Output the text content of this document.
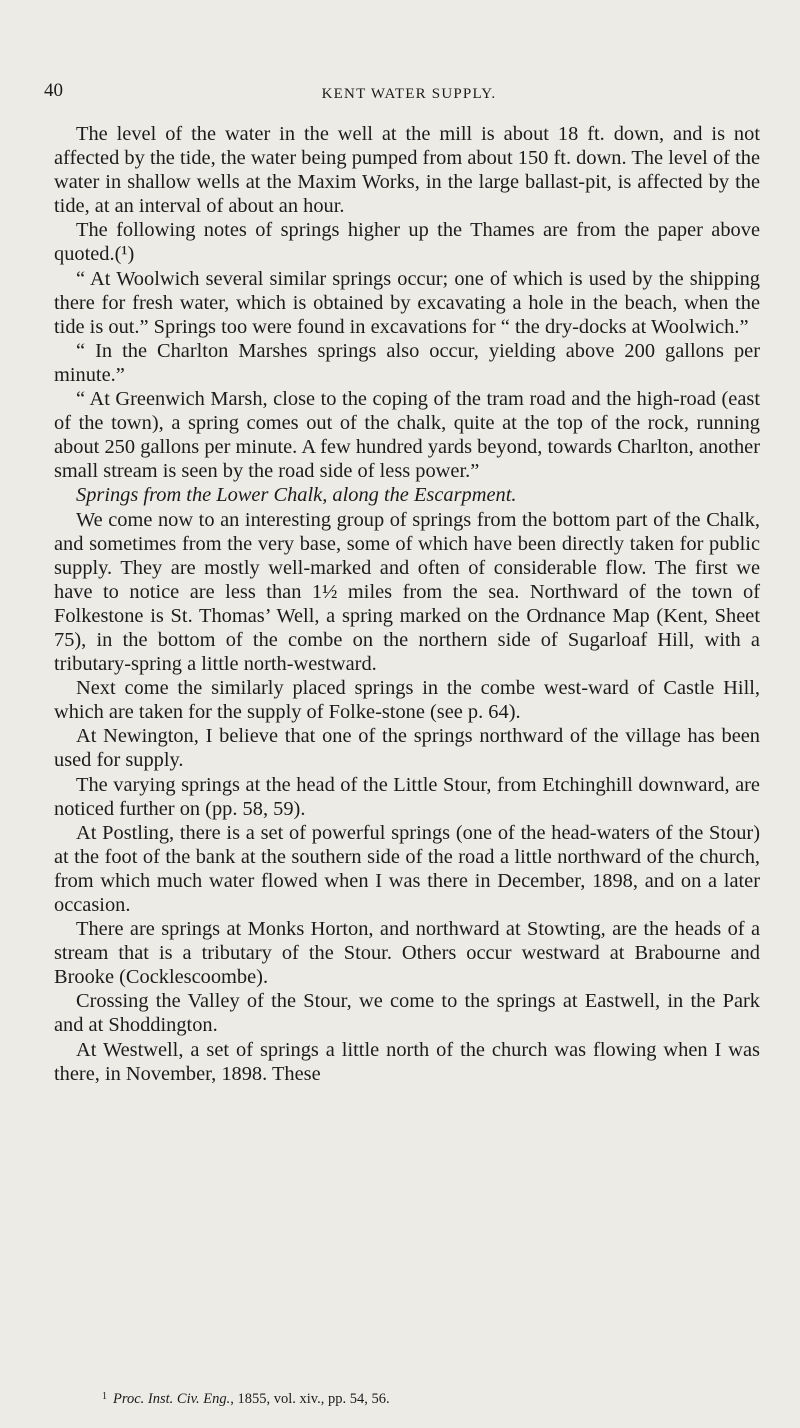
40	KENT WATER SUPPLY.

The level of the water in the well at the mill is about 18 ft. down, and is not affected by the tide, the water being pumped from about 150 ft. down. The level of the water in shallow wells at the Maxim Works, in the large ballast-pit, is affected by the tide, at an interval of about an hour.

The following notes of springs higher up the Thames are from the paper above quoted.(¹)

“ At Woolwich several similar springs occur; one of which is used by the shipping there for fresh water, which is obtained by excavating a hole in the beach, when the tide is out.” Springs too were found in excavations for “ the dry-docks at Woolwich.”

“ In the Charlton Marshes springs also occur, yielding above 200 gallons per minute.”

“ At Greenwich Marsh, close to the coping of the tram road and the high-road (east of the town), a spring comes out of the chalk, quite at the top of the rock, running about 250 gallons per minute. A few hundred yards beyond, towards Charlton, another small stream is seen by the road side of less power.”

Springs from the Lower Chalk, along the Escarpment.

We come now to an interesting group of springs from the bottom part of the Chalk, and sometimes from the very base, some of which have been directly taken for public supply. They are mostly well-marked and often of considerable flow. The first we have to notice are less than 1½ miles from the sea. Northward of the town of Folkestone is St. Thomas’ Well, a spring marked on the Ordnance Map (Kent, Sheet 75), in the bottom of the combe on the northern side of Sugarloaf Hill, with a tributary-spring a little north-westward.

Next come the similarly placed springs in the combe west-ward of Castle Hill, which are taken for the supply of Folke-stone (see p. 64).

At Newington, I believe that one of the springs northward of the village has been used for supply.

The varying springs at the head of the Little Stour, from Etchinghill downward, are noticed further on (pp. 58, 59).

At Postling, there is a set of powerful springs (one of the head-waters of the Stour) at the foot of the bank at the southern side of the road a little northward of the church, from which much water flowed when I was there in December, 1898, and on a later occasion.

There are springs at Monks Horton, and northward at Stowting, are the heads of a stream that is a tributary of the Stour. Others occur westward at Brabourne and Brooke (Cocklescoombe).

Crossing the Valley of the Stour, we come to the springs at Eastwell, in the Park and at Shoddington.

At Westwell, a set of springs a little north of the church was flowing when I was there, in November, 1898. These

$^1$ Proc. Inst. Civ. Eng., 1855, vol. xiv., pp. 54, 56.
